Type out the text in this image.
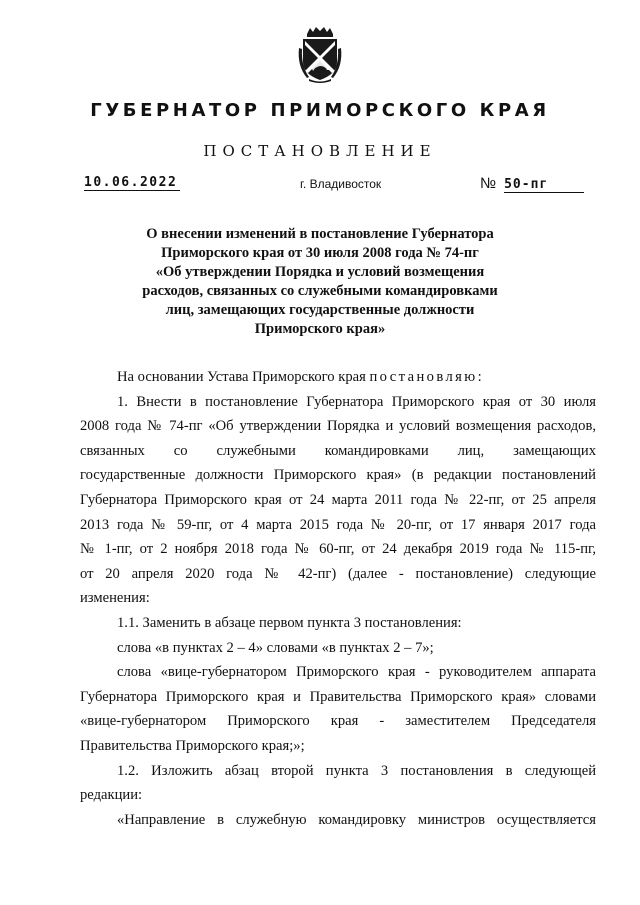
ГУБЕРНАТОР ПРИМОРСКОГО КРАЯ
ПОСТАНОВЛЕНИЕ
10.06.2022	г. Владивосток	№ 50-пг
О внесении изменений в постановление Губернатора
Приморского края от 30 июля 2008 года № 74-пг
«Об утверждении Порядка и условий возмещения
расходов, связанных со служебными командировками
лиц, замещающих государственные должности
Приморского края»
На основании Устава Приморского края постановляю:
1. Внести в постановление Губернатора Приморского края от 30 июля
2008 года № 74-пг «Об утверждении Порядка и условий возмещения расходов,
связанных со служебными командировками лиц, замещающих
государственные должности Приморского края» (в редакции постановлений
Губернатора Приморского края от 24 марта 2011 года № 22-пг, от 25 апреля
2013 года № 59-пг, от 4 марта 2015 года № 20-пг, от 17 января 2017 года
№ 1-пг, от 2 ноября 2018 года № 60-пг, от 24 декабря 2019 года № 115-пг,
от 20 апреля 2020 года № 42-пг) (далее - постановление) следующие
изменения:
1.1. Заменить в абзаце первом пункта 3 постановления:
слова «в пунктах 2 – 4» словами «в пунктах 2 – 7»;
слова «вице-губернатором Приморского края - руководителем аппарата
Губернатора Приморского края и Правительства Приморского края» словами
«вице-губернатором Приморского края - заместителем Председателя
Правительства Приморского края;»;
1.2. Изложить абзац второй пункта 3 постановления в следующей
редакции:
«Направление в служебную командировку министров осуществляется
